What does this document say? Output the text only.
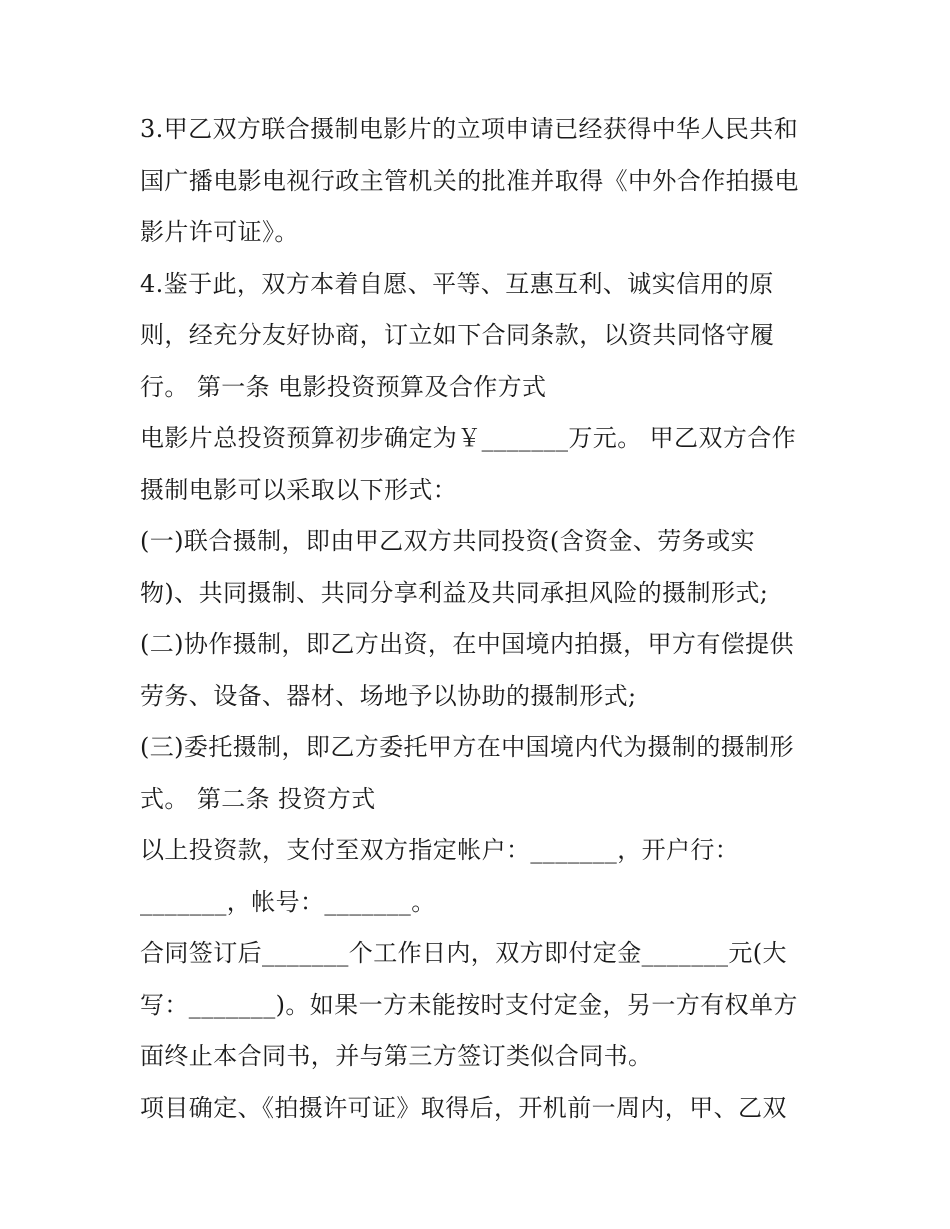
3.甲乙双方联合摄制电影片的立项申请已经获得中华人民共和
国广播电影电视行政主管机关的批准并取得《中外合作拍摄电
影片许可证》。
4.鉴于此，双方本着自愿、平等、互惠互利、诚实信用的原
则，经充分友好协商，订立如下合同条款，以资共同恪守履
行。 第一条 电影投资预算及合作方式
电影片总投资预算初步确定为￥_______万元。 甲乙双方合作
摄制电影可以采取以下形式：
(一)联合摄制，即由甲乙双方共同投资(含资金、劳务或实
物)、共同摄制、共同分享利益及共同承担风险的摄制形式;
(二)协作摄制，即乙方出资，在中国境内拍摄，甲方有偿提供
劳务、设备、器材、场地予以协助的摄制形式;
(三)委托摄制，即乙方委托甲方在中国境内代为摄制的摄制形
式。 第二条 投资方式
以上投资款，支付至双方指定帐户：_______，开户行：
_______，帐号：_______。
合同签订后_______个工作日内，双方即付定金_______元(大
写：_______)。如果一方未能按时支付定金，另一方有权单方
面终止本合同书，并与第三方签订类似合同书。
项目确定、《拍摄许可证》取得后，开机前一周内，甲、乙双
